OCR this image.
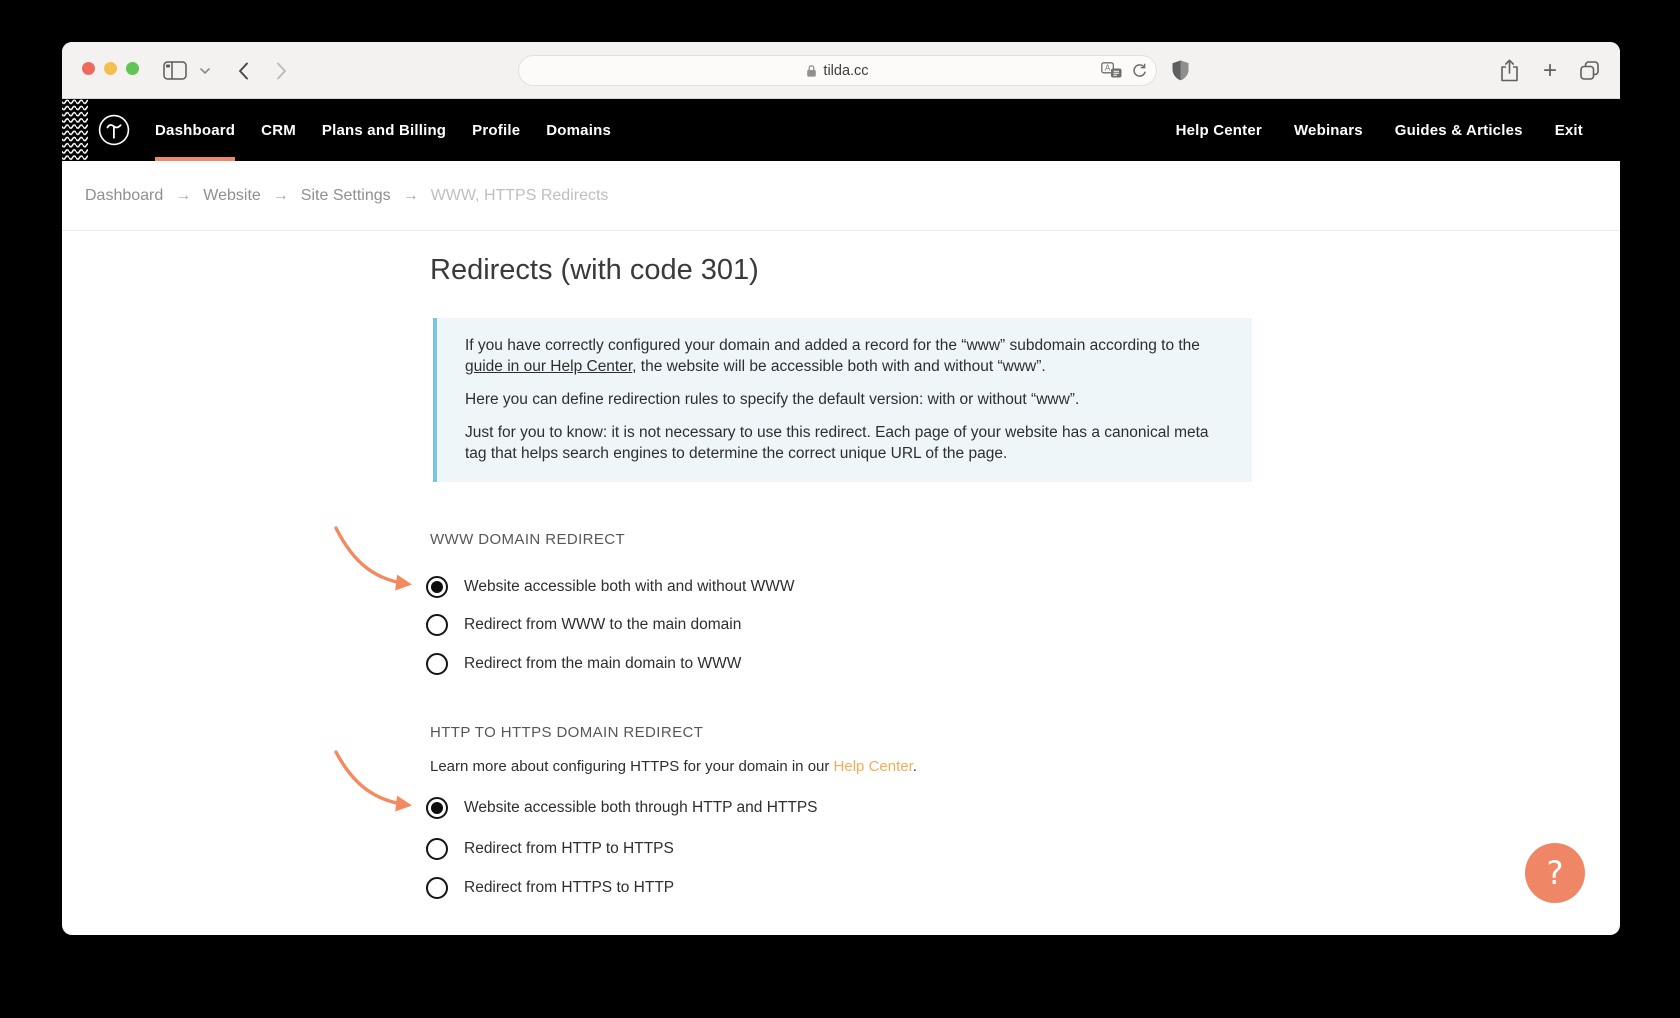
tilda.cc	A	+
Dashboard CRM Plans and Billing Profile Domains	Help Center Webinars Guides & Articles Exit
Dashboard → Website → Site Settings → WWW, HTTPS Redirects
Redirects (with code 301)

If you have correctly configured your domain and added a record for the “www” subdomain according to the guide in our Help Center, the website will be accessible both with and without “www”.

Here you can define redirection rules to specify the default version: with or without “www”.

Just for you to know: it is not necessary to use this redirect. Each page of your website has a canonical meta tag that helps search engines to determine the correct unique URL of the page.

WWW DOMAIN REDIRECT
Website accessible both with and without WWW
Redirect from WWW to the main domain
Redirect from the main domain to WWW
HTTP TO HTTPS DOMAIN REDIRECT
Learn more about configuring HTTPS for your domain in our Help Center.
Website accessible both through HTTP and HTTPS
Redirect from HTTP to HTTPS
Redirect from HTTPS to HTTP	?
